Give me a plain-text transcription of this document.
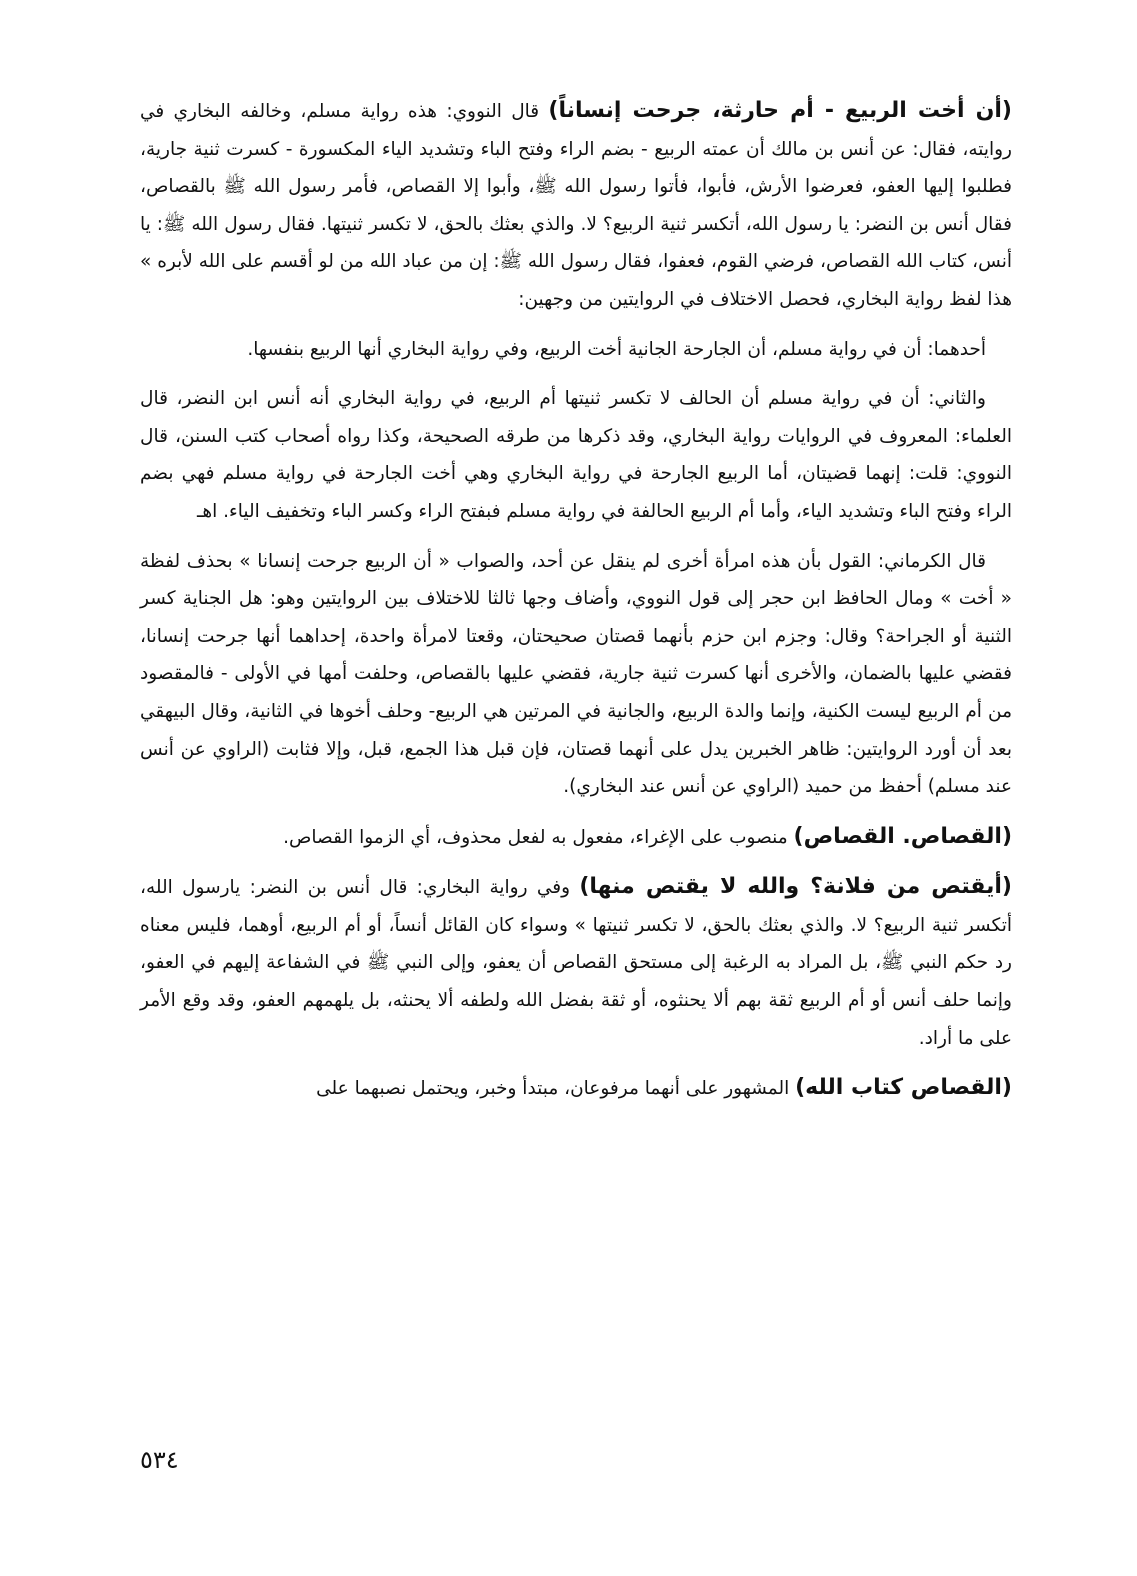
(أن أخت الربيع - أم حارثة، جرحت إنساناً) قال النووي: هذه رواية مسلم، وخالفه البخاري في روايته، فقال: عن أنس بن مالك أن عمته الربيع - بضم الراء وفتح الباء وتشديد الياء المكسورة - كسرت ثنية جارية، فطلبوا إليها العفو، فعرضوا الأرش، فأبوا، فأتوا رسول الله ﷺ، وأبوا إلا القصاص، فأمر رسول الله ﷺ بالقصاص، فقال أنس بن النضر: يا رسول الله، أتكسر ثنية الربيع؟ لا. والذي بعثك بالحق، لا تكسر ثنيتها. فقال رسول الله ﷺ: يا أنس، كتاب الله القصاص، فرضي القوم، فعفوا، فقال رسول الله ﷺ: إن من عباد الله من لو أقسم على الله لأبره » هذا لفظ رواية البخاري، فحصل الاختلاف في الروايتين من وجهين:

أحدهما: أن في رواية مسلم، أن الجارحة الجانية أخت الربيع، وفي رواية البخاري أنها الربيع بنفسها.

والثاني: أن في رواية مسلم أن الحالف لا تكسر ثنيتها أم الربيع، في رواية البخاري أنه أنس ابن النضر، قال العلماء: المعروف في الروايات رواية البخاري، وقد ذكرها من طرقه الصحيحة، وكذا رواه أصحاب كتب السنن، قال النووي: قلت: إنهما قضيتان، أما الربيع الجارحة في رواية البخاري وهي أخت الجارحة في رواية مسلم فهي بضم الراء وفتح الباء وتشديد الياء، وأما أم الربيع الحالفة في رواية مسلم فبفتح الراء وكسر الباء وتخفيف الياء. اهـ

قال الكرماني: القول بأن هذه امرأة أخرى لم ينقل عن أحد، والصواب « أن الربيع جرحت إنسانا » بحذف لفظة « أخت » ومال الحافظ ابن حجر إلى قول النووي، وأضاف وجها ثالثا للاختلاف بين الروايتين وهو: هل الجناية كسر الثنية أو الجراحة؟ وقال: وجزم ابن حزم بأنهما قصتان صحيحتان، وقعتا لامرأة واحدة، إحداهما أنها جرحت إنسانا، فقضي عليها بالضمان، والأخرى أنها كسرت ثنية جارية، فقضي عليها بالقصاص، وحلفت أمها في الأولى - فالمقصود من أم الربيع ليست الكنية، وإنما والدة الربيع، والجانية في المرتين هي الربيع- وحلف أخوها في الثانية، وقال البيهقي بعد أن أورد الروايتين: ظاهر الخبرين يدل على أنهما قصتان، فإن قبل هذا الجمع، قبل، وإلا فثابت (الراوي عن أنس عند مسلم) أحفظ من حميد (الراوي عن أنس عند البخاري).

(القصاص. القصاص) منصوب على الإغراء، مفعول به لفعل محذوف، أي الزموا القصاص.

(أيقتص من فلانة؟ والله لا يقتص منها) وفي رواية البخاري: قال أنس بن النضر: يارسول الله، أتكسر ثنية الربيع؟ لا. والذي بعثك بالحق، لا تكسر ثنيتها » وسواء كان القائل أنساً، أو أم الربيع، أوهما، فليس معناه رد حكم النبي ﷺ، بل المراد به الرغبة إلى مستحق القصاص أن يعفو، وإلى النبي ﷺ في الشفاعة إليهم في العفو، وإنما حلف أنس أو أم الربيع ثقة بهم ألا يحنثوه، أو ثقة بفضل الله ولطفه ألا يحنثه، بل يلهمهم العفو، وقد وقع الأمر على ما أراد.

(القصاص كتاب الله) المشهور على أنهما مرفوعان، مبتدأ وخبر، ويحتمل نصبهما على

٥٣٤
